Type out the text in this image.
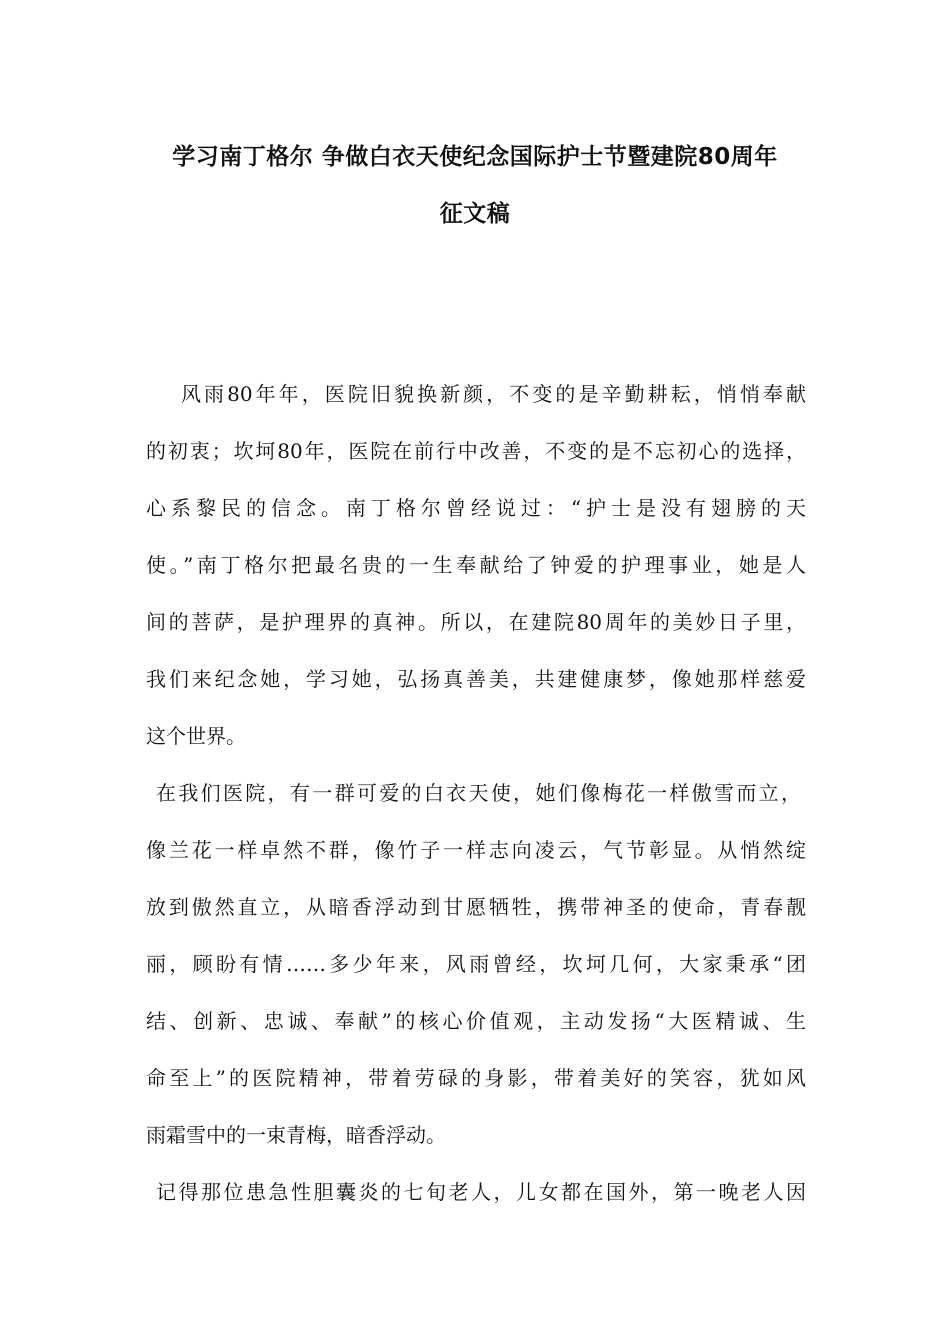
学习南丁格尔 争做白衣天使纪念国际护士节暨建院80周年
征文稿

风雨80年年，医院旧貌换新颜，不变的是辛勤耕耘，悄悄奉献

的初衷；坎坷80年，医院在前行中改善，不变的是不忘初心的选择，

心系黎民的信念。南丁格尔曾经说过：“护士是没有翅膀的天

使。”南丁格尔把最名贵的一生奉献给了钟爱的护理事业，她是人

间的菩萨，是护理界的真神。所以，在建院80周年的美妙日子里，

我们来纪念她，学习她，弘扬真善美，共建健康梦，像她那样慈爱

这个世界。

在我们医院，有一群可爱的白衣天使，她们像梅花一样傲雪而立，

像兰花一样卓然不群，像竹子一样志向凌云，气节彰显。从悄然绽

放到傲然直立，从暗香浮动到甘愿牺牲，携带神圣的使命，青春靓

丽，顾盼有情……多少年来，风雨曾经，坎坷几何，大家秉承“团

结、创新、忠诚、奉献”的核心价值观，主动发扬“大医精诚、生

命至上”的医院精神，带着劳碌的身影，带着美好的笑容，犹如风

雨霜雪中的一束青梅，暗香浮动。

记得那位患急性胆囊炎的七旬老人，儿女都在国外，第一晚老人因
